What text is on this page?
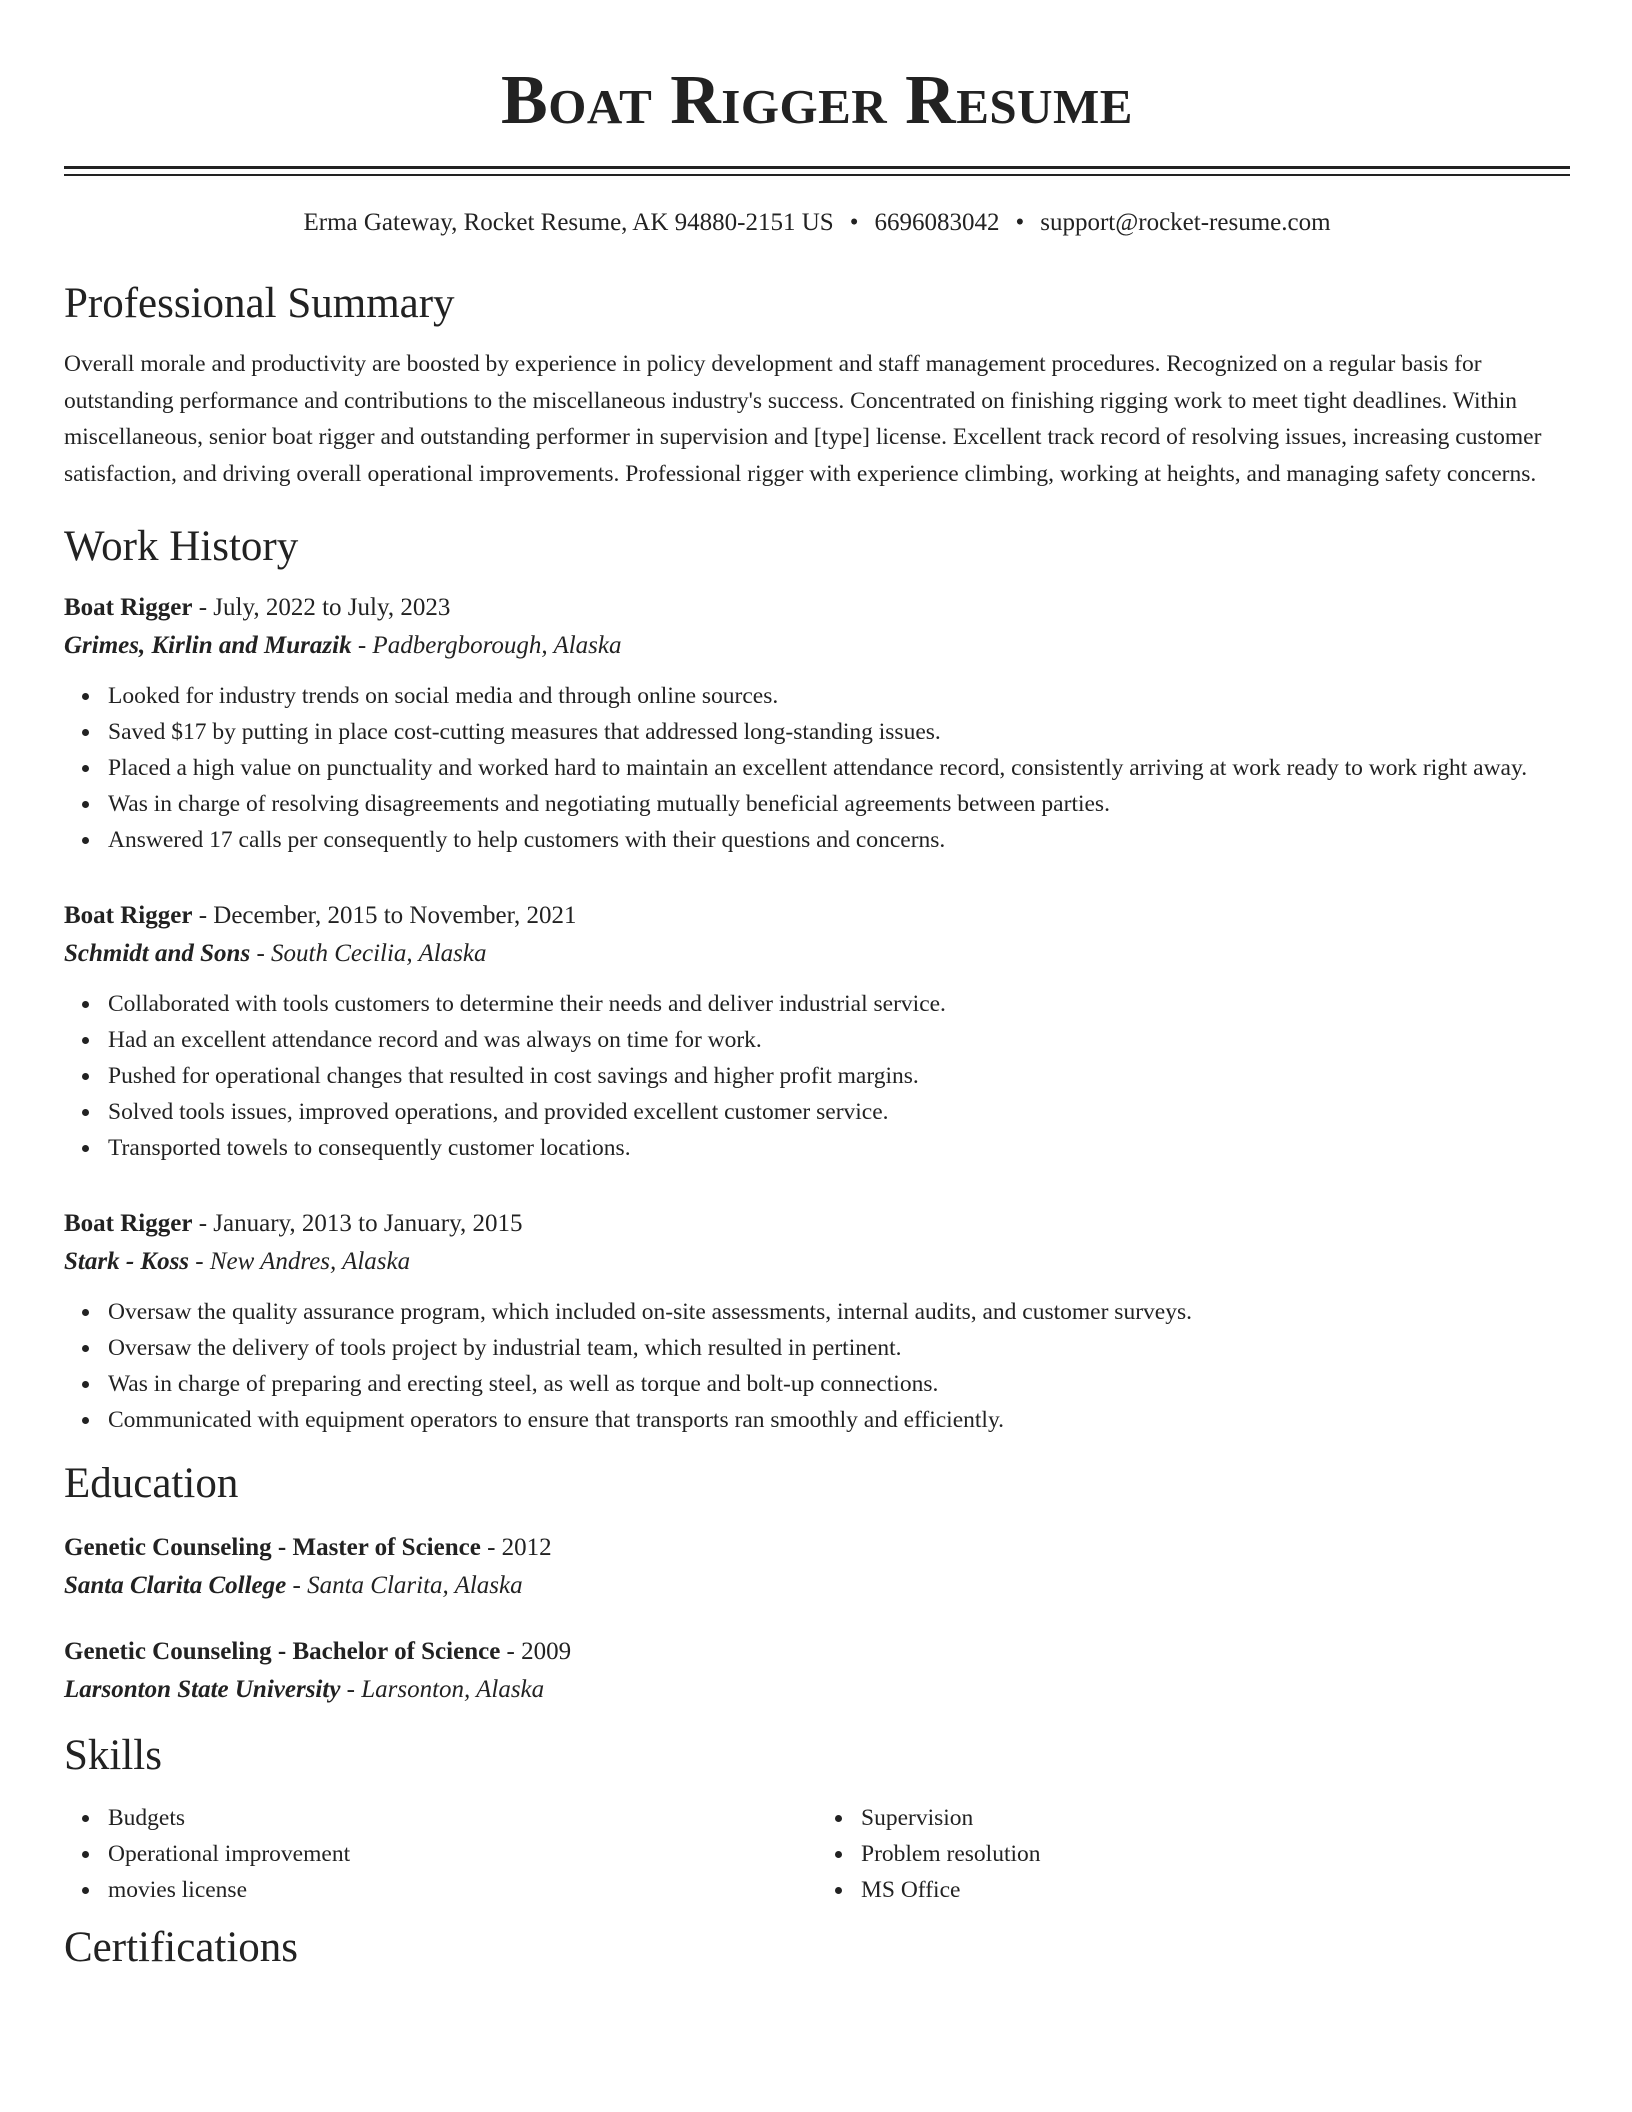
Boat Rigger Resume
Erma Gateway, Rocket Resume, AK 94880-2151 US • 6696083042 • support@rocket-resume.com
Professional Summary

Overall morale and productivity are boosted by experience in policy development and staff management procedures. Recognized on a regular basis for outstanding performance and contributions to the miscellaneous industry's success. Concentrated on finishing rigging work to meet tight deadlines. Within miscellaneous, senior boat rigger and outstanding performer in supervision and [type] license. Excellent track record of resolving issues, increasing customer satisfaction, and driving overall operational improvements. Professional rigger with experience climbing, working at heights, and managing safety concerns.

Work History
Boat Rigger - July, 2022 to July, 2023
Grimes, Kirlin and Murazik - Padbergborough, Alaska
Looked for industry trends on social media and through online sources.
Saved $17 by putting in place cost-cutting measures that addressed long-standing issues.
Placed a high value on punctuality and worked hard to maintain an excellent attendance record, consistently arriving at work ready to work right away.
Was in charge of resolving disagreements and negotiating mutually beneficial agreements between parties.
Answered 17 calls per consequently to help customers with their questions and concerns.
Boat Rigger - December, 2015 to November, 2021
Schmidt and Sons - South Cecilia, Alaska
Collaborated with tools customers to determine their needs and deliver industrial service.
Had an excellent attendance record and was always on time for work.
Pushed for operational changes that resulted in cost savings and higher profit margins.
Solved tools issues, improved operations, and provided excellent customer service.
Transported towels to consequently customer locations.
Boat Rigger - January, 2013 to January, 2015
Stark - Koss - New Andres, Alaska
Oversaw the quality assurance program, which included on-site assessments, internal audits, and customer surveys.
Oversaw the delivery of tools project by industrial team, which resulted in pertinent.
Was in charge of preparing and erecting steel, as well as torque and bolt-up connections.
Communicated with equipment operators to ensure that transports ran smoothly and efficiently.
Education
Genetic Counseling - Master of Science - 2012
Santa Clarita College - Santa Clarita, Alaska
Genetic Counseling - Bachelor of Science - 2009
Larsonton State University - Larsonton, Alaska
Skills
Budgets
Operational improvement
movies license
Supervision
Problem resolution
MS Office
Certifications
